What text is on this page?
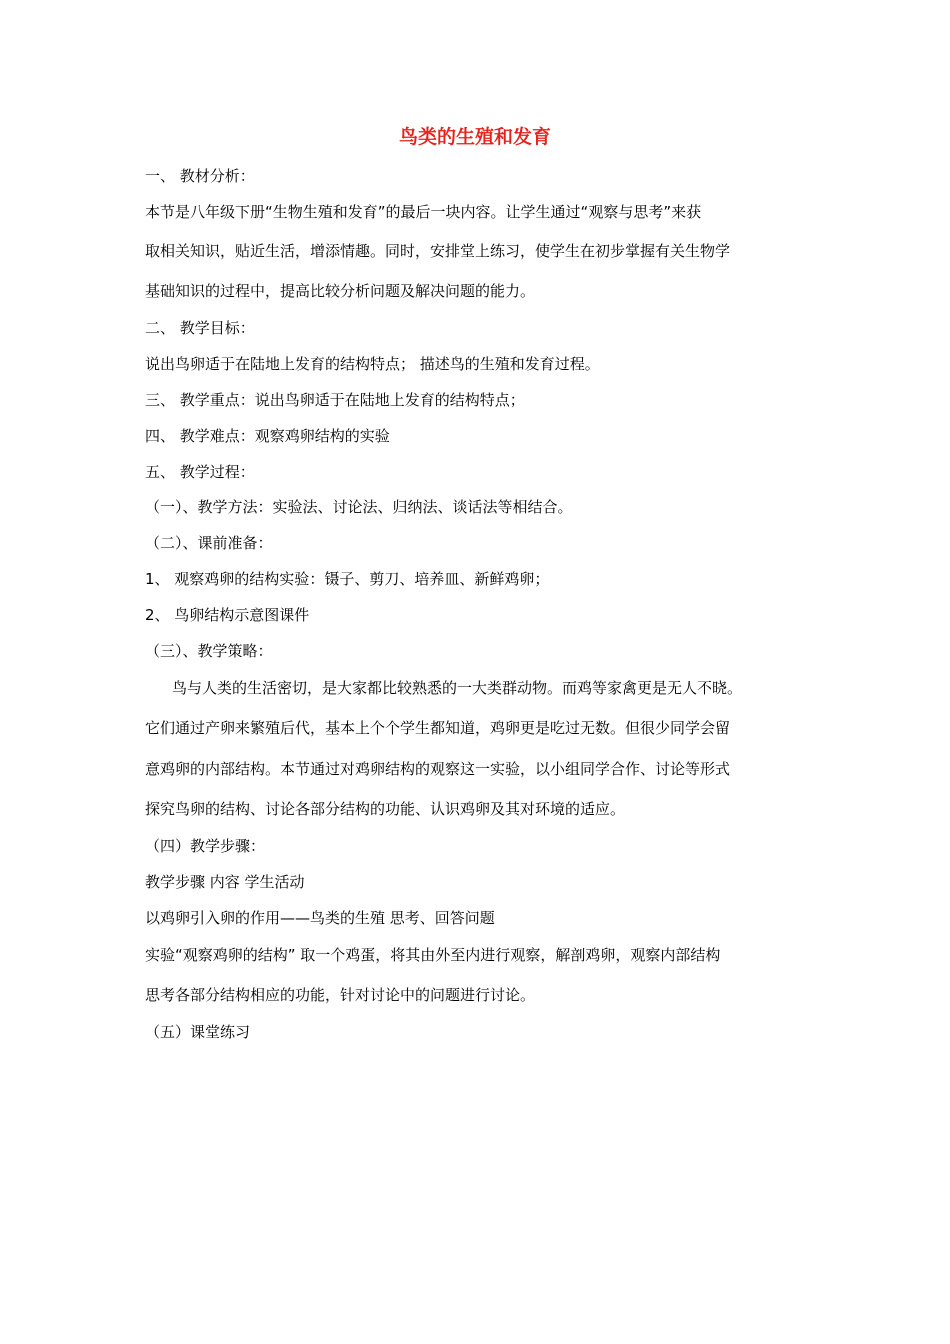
鸟类的生殖和发育
一、 教材分析：
本节是八年级下册“生物生殖和发育”的最后一块内容。让学生通过“观察与思考”来获
取相关知识，贴近生活，增添情趣。同时，安排堂上练习，使学生在初步掌握有关生物学
基础知识的过程中，提高比较分析问题及解决问题的能力。
二、 教学目标：
说出鸟卵适于在陆地上发育的结构特点； 描述鸟的生殖和发育过程。
三、 教学重点：说出鸟卵适于在陆地上发育的结构特点；
四、 教学难点：观察鸡卵结构的实验
五、 教学过程：
（一）、教学方法：实验法、讨论法、归纳法、谈话法等相结合。
（二）、课前准备：
1、 观察鸡卵的结构实验：镊子、剪刀、培养皿、新鲜鸡卵；
2、 鸟卵结构示意图课件
（三）、教学策略：
鸟与人类的生活密切，是大家都比较熟悉的一大类群动物。而鸡等家禽更是无人不晓。
它们通过产卵来繁殖后代，基本上个个学生都知道，鸡卵更是吃过无数。但很少同学会留
意鸡卵的内部结构。本节通过对鸡卵结构的观察这一实验，以小组同学合作、讨论等形式
探究鸟卵的结构、讨论各部分结构的功能、认识鸡卵及其对环境的适应。
（四）教学步骤：
教学步骤 内容 学生活动
以鸡卵引入卵的作用——鸟类的生殖 思考、回答问题
实验“观察鸡卵的结构” 取一个鸡蛋，将其由外至内进行观察，解剖鸡卵，观察内部结构
思考各部分结构相应的功能，针对讨论中的问题进行讨论。
（五）课堂练习
